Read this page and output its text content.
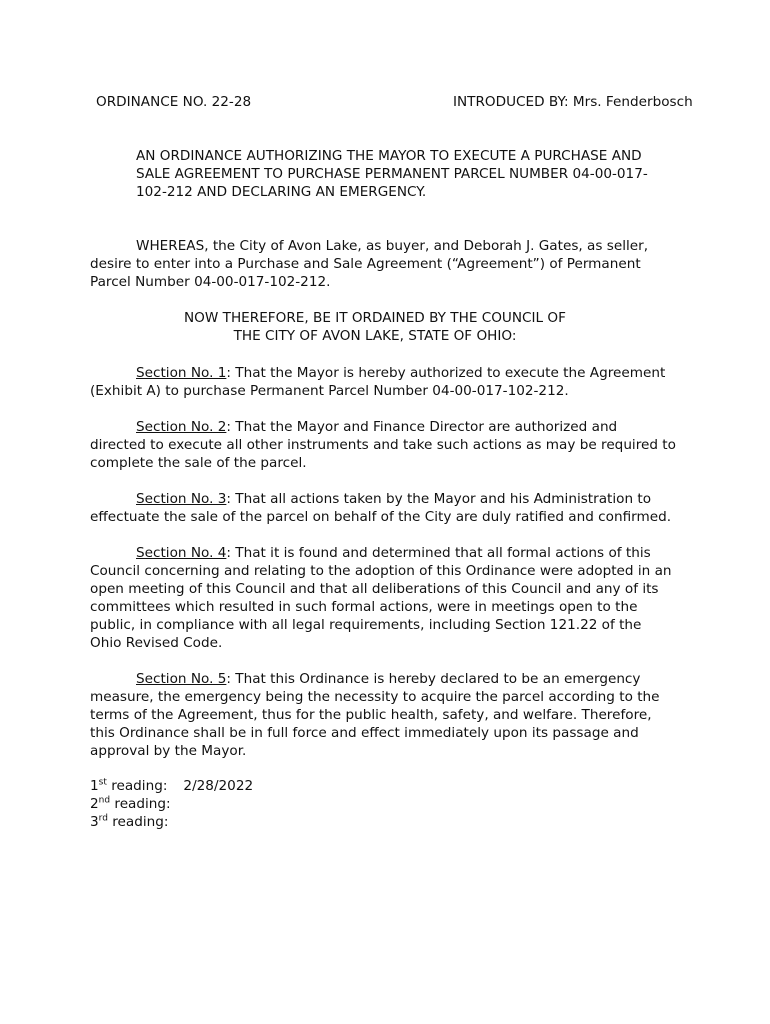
ORDINANCE NO. 22-28	INTRODUCED BY: Mrs. Fenderbosch
AN ORDINANCE AUTHORIZING THE MAYOR TO EXECUTE A PURCHASE AND
SALE AGREEMENT TO PURCHASE PERMANENT PARCEL NUMBER 04-00-017-
102-212 AND DECLARING AN EMERGENCY.
WHEREAS, the City of Avon Lake, as buyer, and Deborah J. Gates, as seller,
desire to enter into a Purchase and Sale Agreement (“Agreement”) of Permanent
Parcel Number 04-00-017-102-212.
NOW THEREFORE, BE IT ORDAINED BY THE COUNCIL OF
THE CITY OF AVON LAKE, STATE OF OHIO:
Section No. 1: That the Mayor is hereby authorized to execute the Agreement
(Exhibit A) to purchase Permanent Parcel Number 04-00-017-102-212.
Section No. 2: That the Mayor and Finance Director are authorized and
directed to execute all other instruments and take such actions as may be required to
complete the sale of the parcel.
Section No. 3: That all actions taken by the Mayor and his Administration to
effectuate the sale of the parcel on behalf of the City are duly ratified and confirmed.
Section No. 4: That it is found and determined that all formal actions of this
Council concerning and relating to the adoption of this Ordinance were adopted in an
open meeting of this Council and that all deliberations of this Council and any of its
committees which resulted in such formal actions, were in meetings open to the
public, in compliance with all legal requirements, including Section 121.22 of the
Ohio Revised Code.
Section No. 5: That this Ordinance is hereby declared to be an emergency
measure, the emergency being the necessity to acquire the parcel according to the
terms of the Agreement, thus for the public health, safety, and welfare. Therefore,
this Ordinance shall be in full force and effect immediately upon its passage and
approval by the Mayor.
1st reading: 2/28/2022
2nd reading:
3rd reading:
